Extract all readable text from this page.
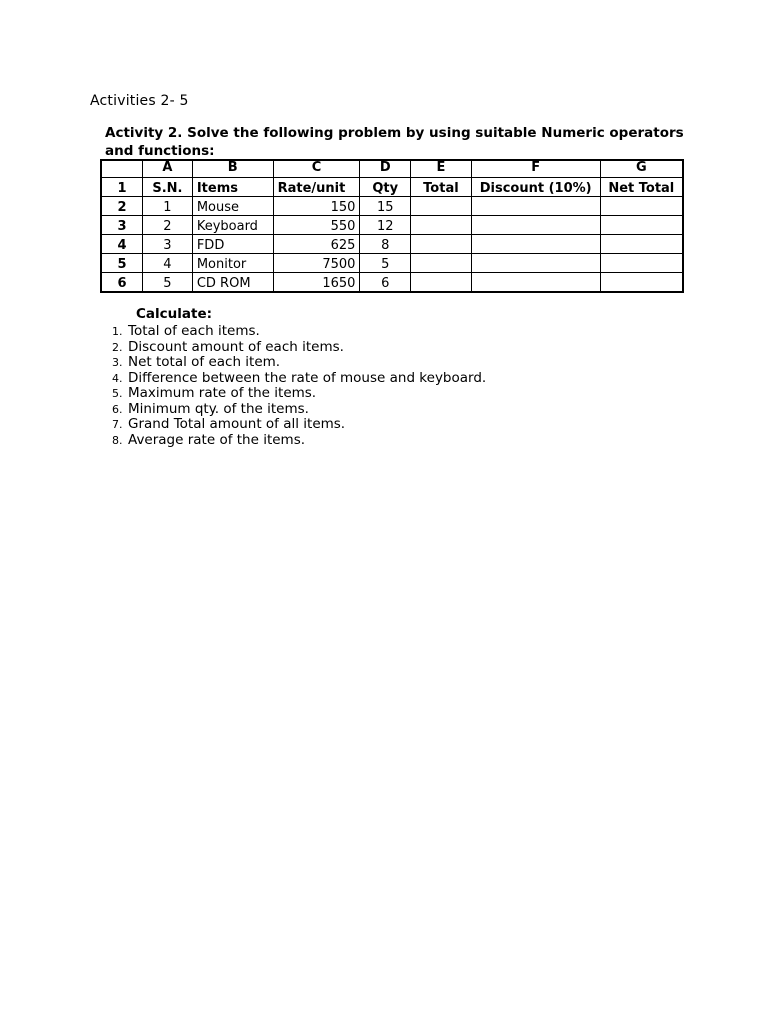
Activities 2- 5
Activity 2. Solve the following problem by using suitable Numeric operators and functions:
	A	B	C	D	E	F	G
1	S.N.	Items	Rate/unit	Qty	Total	Discount (10%)	Net Total
2	1	Mouse	150	15			
3	2	Keyboard	550	12			
4	3	FDD	625	8			
5	4	Monitor	7500	5			
6	5	CD ROM	1650	6			
Calculate:
1. Total of each items.
2. Discount amount of each items.
3. Net total of each item.
4. Difference between the rate of mouse and keyboard.
5. Maximum rate of the items.
6. Minimum qty. of the items.
7. Grand Total amount of all items.
8. Average rate of the items.
